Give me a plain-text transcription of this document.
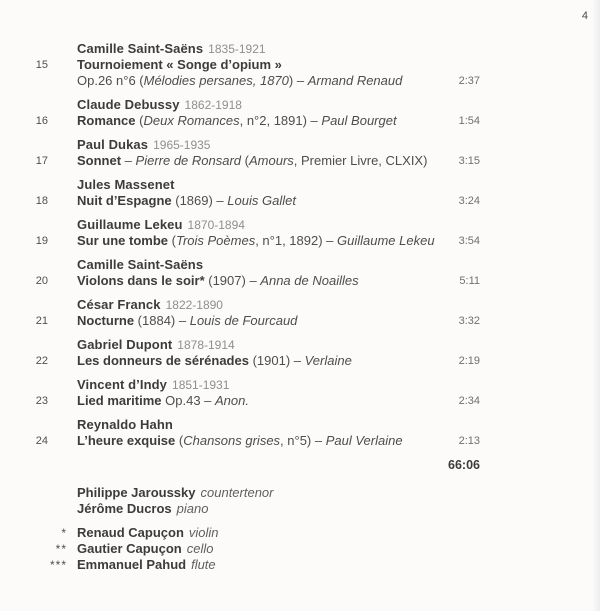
4
Camille Saint-Saëns 1835-1921
15 Tournoiement « Songe d’opium »
Op.26 n°6 (Mélodies persanes, 1870) – Armand Renaud	2:37
Claude Debussy 1862-1918
16 Romance (Deux Romances, n°2, 1891) – Paul Bourget	1:54
Paul Dukas 1965-1935
17 Sonnet – Pierre de Ronsard (Amours, Premier Livre, CLXIX)	3:15
Jules Massenet
18 Nuit d’Espagne (1869) – Louis Gallet	3:24
Guillaume Lekeu 1870-1894
19 Sur une tombe (Trois Poèmes, n°1, 1892) – Guillaume Lekeu 3:54
Camille Saint-Saëns
20 Violons dans le soir* (1907) – Anna de Noailles	5:11
César Franck 1822-1890
21 Nocturne (1884) – Louis de Fourcaud	3:32
Gabriel Dupont 1878-1914
22 Les donneurs de sérénades (1901) – Verlaine	2:19
Vincent d’Indy 1851-1931
23 Lied maritime Op.43 – Anon.	2:34
Reynaldo Hahn
24 L’heure exquise (Chansons grises, n°5) – Paul Verlaine	2:13
66:06
Philippe Jaroussky countertenor
Jérôme Ducros piano
* Renaud Capuçon violin
** Gautier Capuçon cello
*** Emmanuel Pahud flute
